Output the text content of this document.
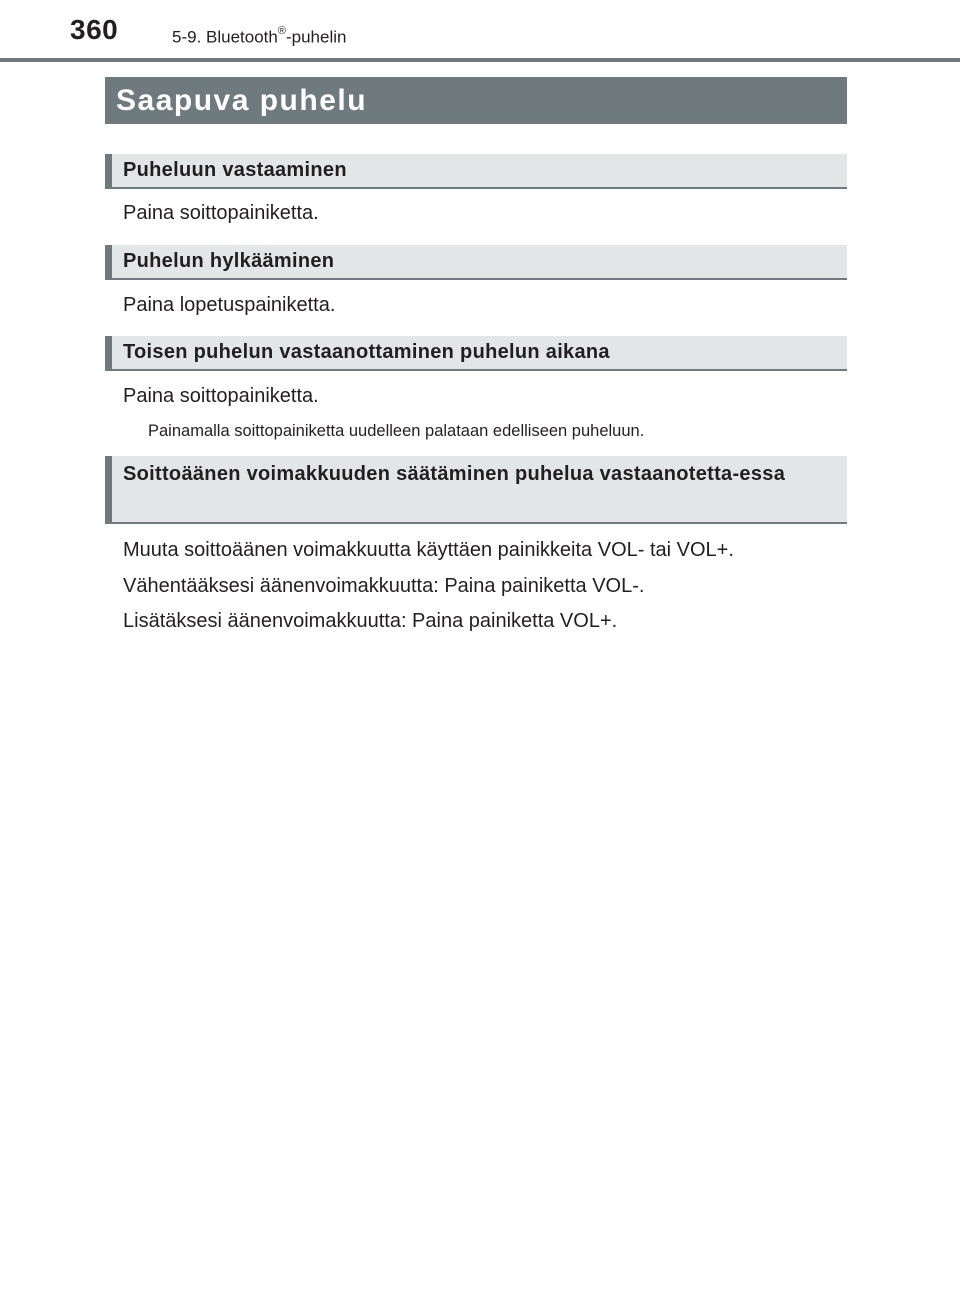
360	5-9. Bluetooth®-puhelin
Saapuva puhelu
Puheluun vastaaminen
Paina soittopainiketta.
Puhelun hylkääminen
Paina lopetuspainiketta.
Toisen puhelun vastaanottaminen puhelun aikana
Paina soittopainiketta.
Painamalla soittopainiketta uudelleen palataan edelliseen puheluun.
Soittoäänen voimakkuuden säätäminen puhelua vastaanotetta-essa
Muuta soittoäänen voimakkuutta käyttäen painikkeita VOL- tai VOL+.
Vähentääksesi äänenvoimakkuutta: Paina painiketta VOL-.
Lisätäksesi äänenvoimakkuutta: Paina painiketta VOL+.
